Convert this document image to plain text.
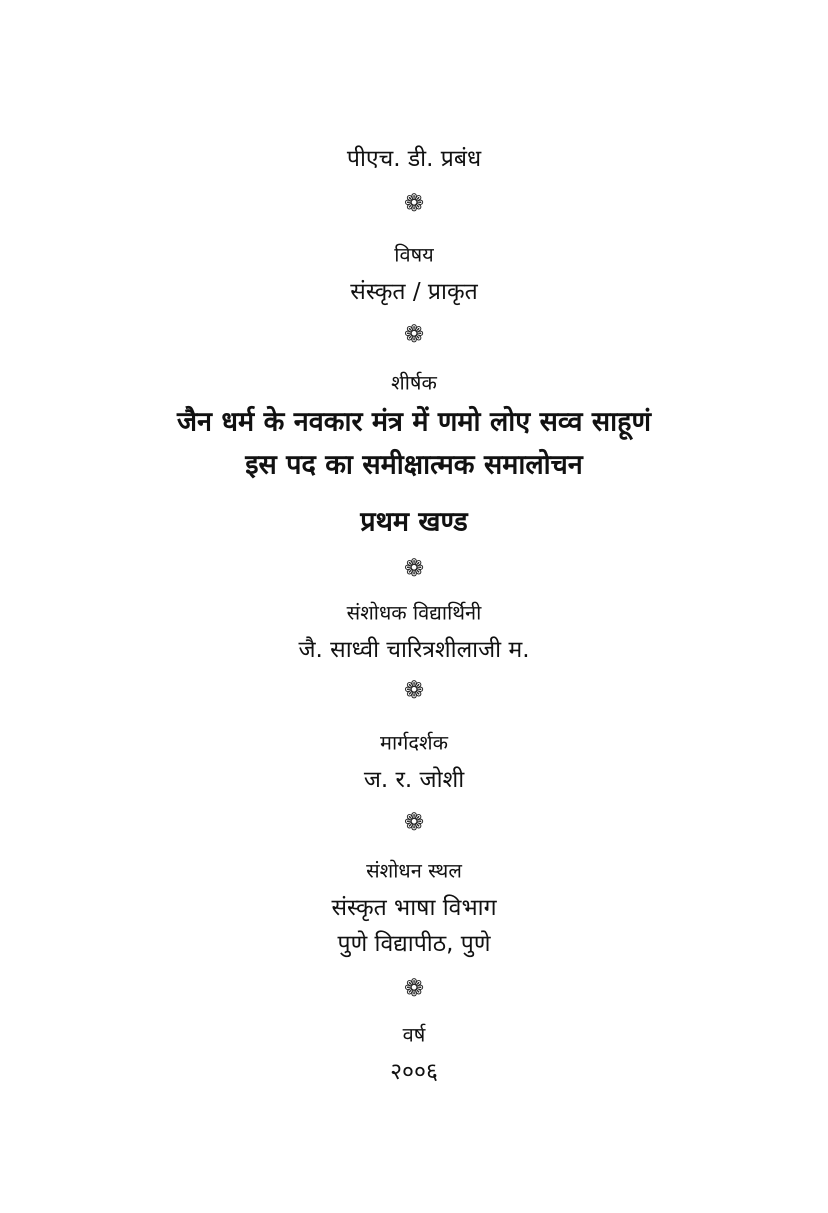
पीएच. डी. प्रबंध
❁
विषय
संस्कृत / प्राकृत
❁
शीर्षक
जैन धर्म के नवकार मंत्र में णमो लोए सव्व साहूणं
इस पद का समीक्षात्मक समालोचन
प्रथम खण्ड
❁
संशोधक विद्यार्थिनी
जै. साध्वी चारित्रशीलाजी म.
❁
मार्गदर्शक
ज. र. जोशी
❁
संशोधन स्थल
संस्कृत भाषा विभाग
पुणे विद्यापीठ, पुणे
❁
वर्ष
२००६
